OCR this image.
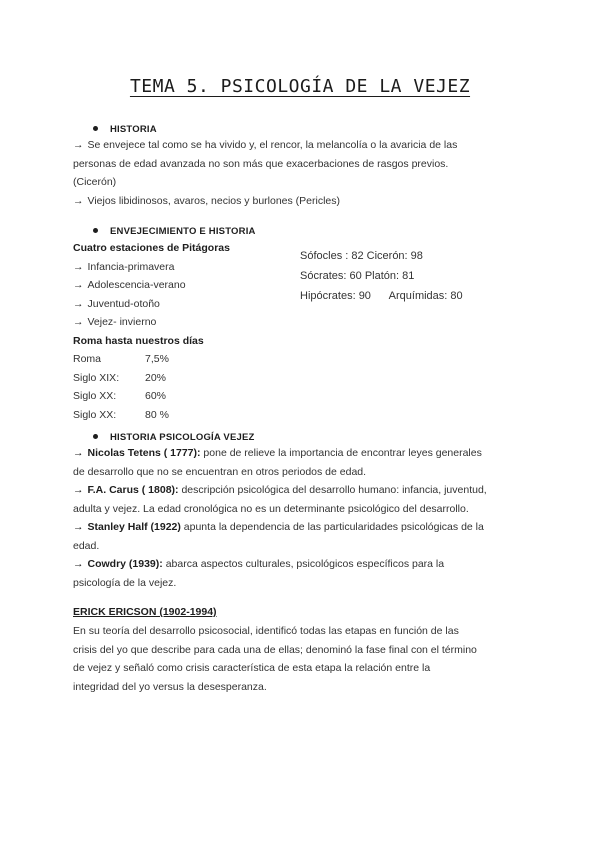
TEMA 5. PSICOLOGÍA DE LA VEJEZ
HISTORIA
→ Se envejece tal como se ha vivido y, el rencor, la melancolía o la avaricia de las
personas de edad avanzada no son más que exacerbaciones de rasgos previos.
(Cicerón)
→ Viejos libidinosos, avaros, necios y burlones (Pericles)
ENVEJECIMIENTO E HISTORIA
Cuatro estaciones de Pitágoras
→ Infancia-primavera
→ Adolescencia-verano
→ Juventud-otoño
→ Vejez- invierno
Roma hasta nuestros días
Roma	7,5%
Siglo XIX: 20%
Siglo XX:	60%
Siglo XX:	80 %
Sófocles : 82 Cicerón: 98
Sócrates: 60 Platón: 81
Hipócrates: 90      Arquímidas: 80
HISTORIA PSICOLOGÍA VEJEZ
→ Nicolas Tetens ( 1777): pone de relieve la importancia de encontrar leyes generales
de desarrollo que no se encuentran en otros periodos de edad.
→ F.A. Carus ( 1808): descripción psicológica del desarrollo humano: infancia, juventud,
adulta y vejez. La edad cronológica no es un determinante psicológico del desarrollo.
→ Stanley Half (1922) apunta la dependencia de las particularidades psicológicas de la
edad.
→ Cowdry (1939): abarca aspectos culturales, psicológicos específicos para la
psicología de la vejez.
ERICK ERICSON (1902-1994)
En su teoría del desarrollo psicosocial, identificó todas las etapas en función de las
crisis del yo que describe para cada una de ellas; denominó la fase final con el término
de vejez y señaló como crisis característica de esta etapa la relación entre la
integridad del yo versus la desesperanza.
